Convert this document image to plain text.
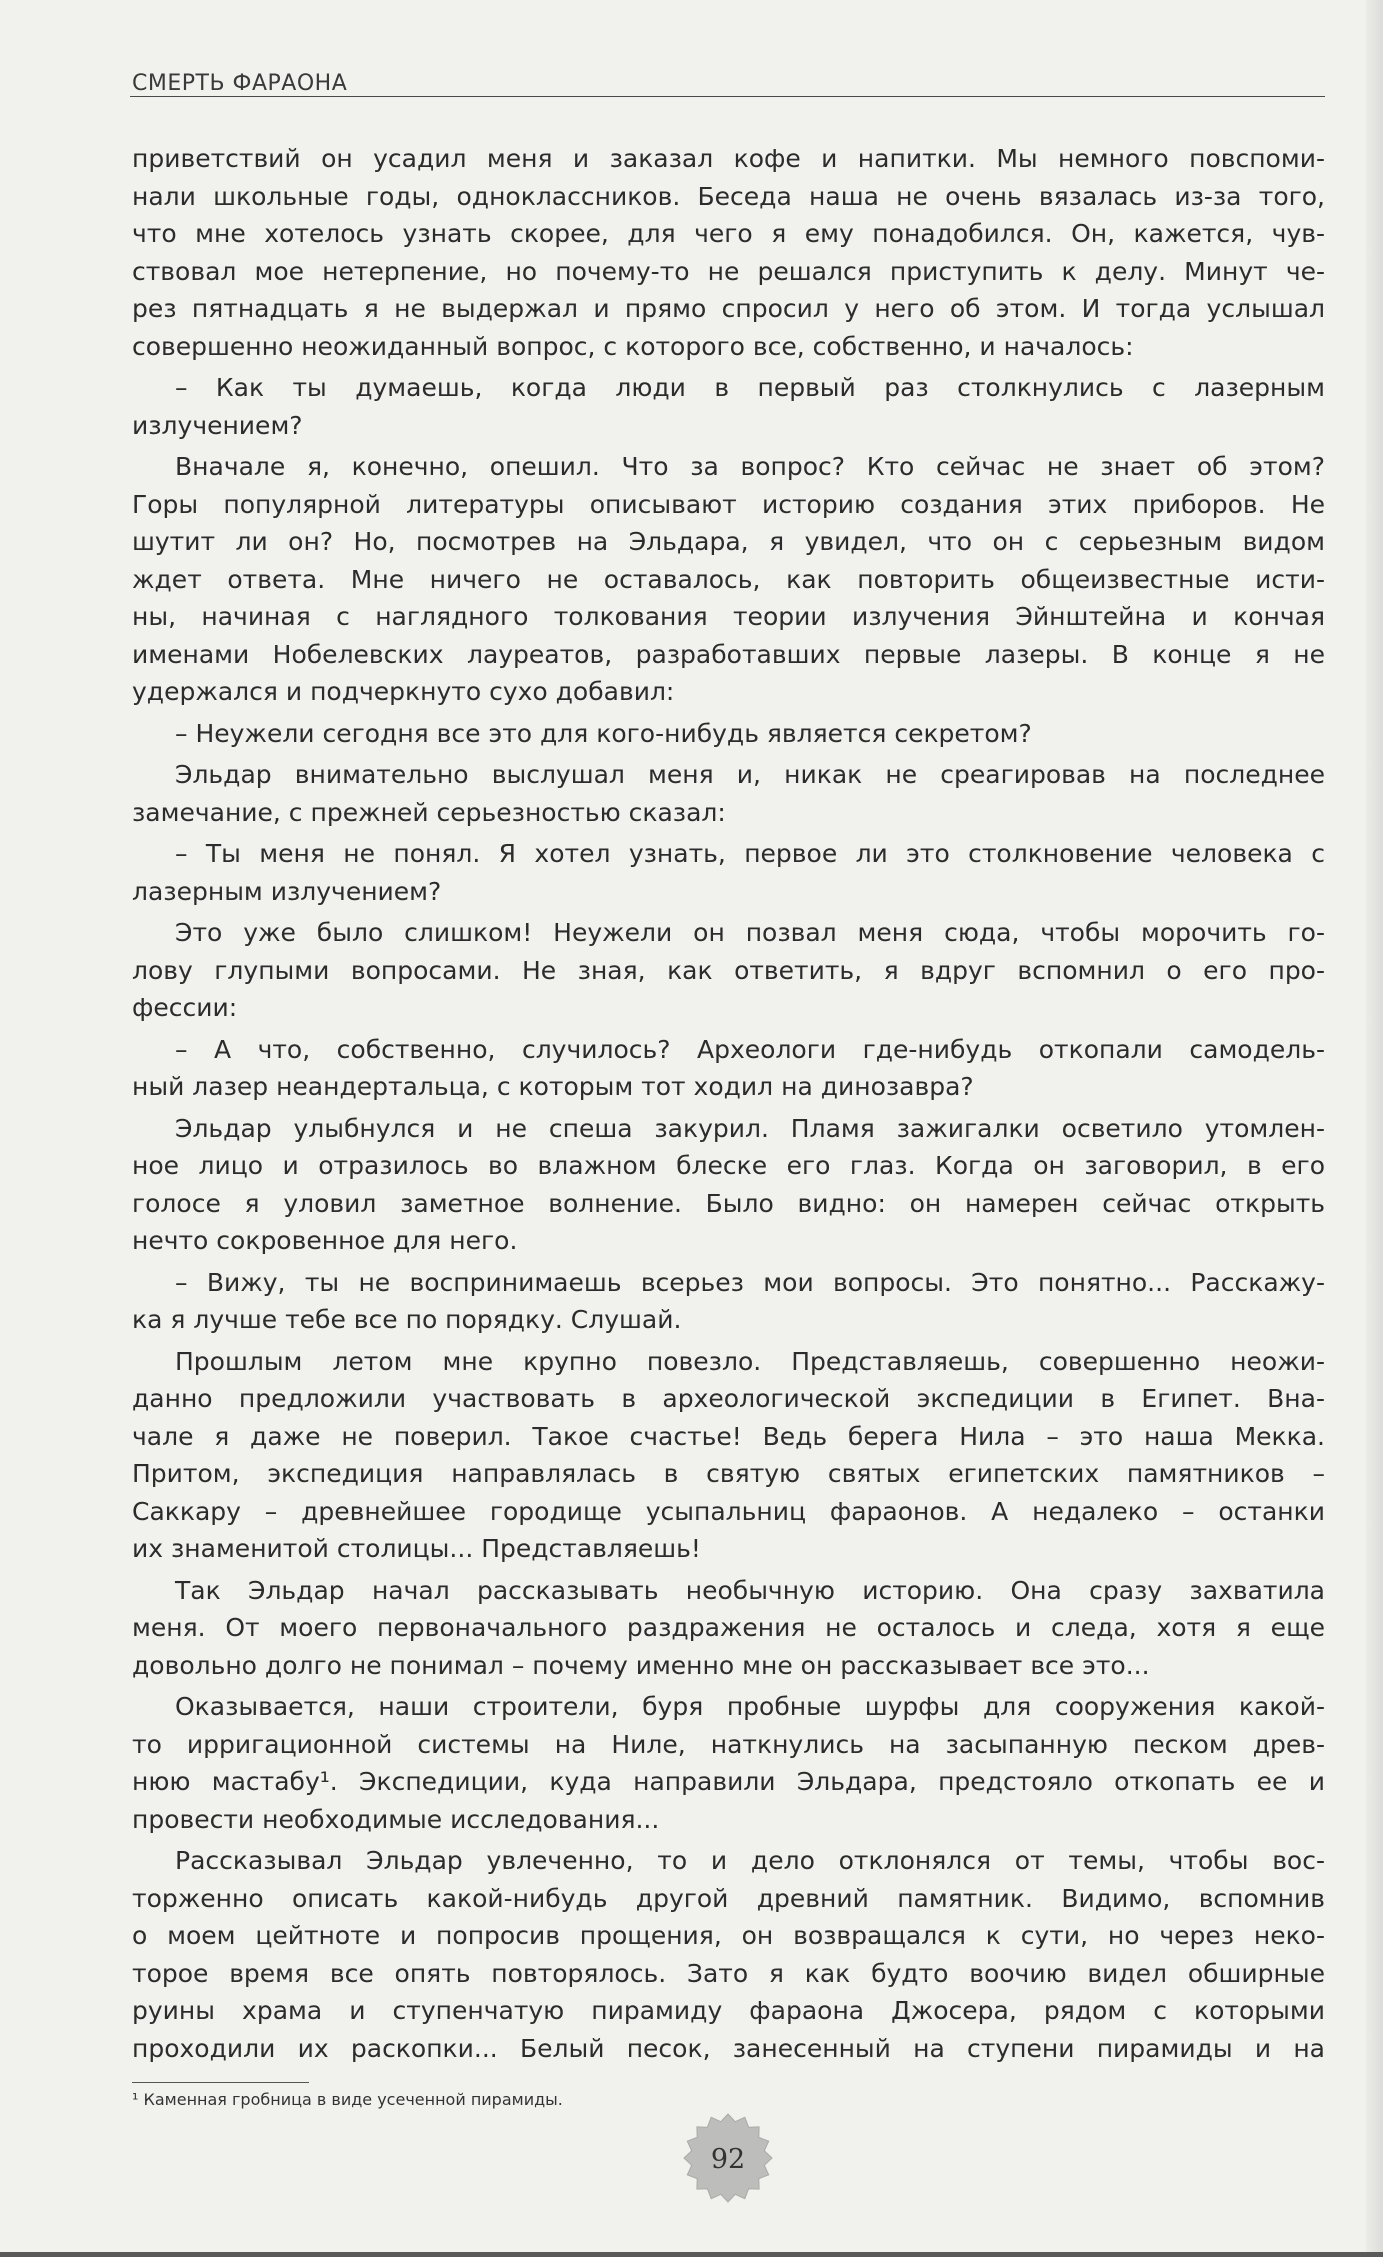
СМЕРТЬ ФАРАОНА
приветствий он усадил меня и заказал кофе и напитки. Мы немного повспоми-
нали школьные годы, одноклассников. Беседа наша не очень вязалась из-за того,
что мне хотелось узнать скорее, для чего я ему понадобился. Он, кажется, чув-
ствовал мое нетерпение, но почему-то не решался приступить к делу. Минут че-
рез пятнадцать я не выдержал и прямо спросил у него об этом. И тогда услышал
совершенно неожиданный вопрос, с которого все, собственно, и началось:
– Как ты думаешь, когда люди в первый раз столкнулись с лазерным
излучением?
Вначале я, конечно, опешил. Что за вопрос? Кто сейчас не знает об этом?
Горы популярной литературы описывают историю создания этих приборов. Не
шутит ли он? Но, посмотрев на Эльдара, я увидел, что он с серьезным видом
ждет ответа. Мне ничего не оставалось, как повторить общеизвестные исти-
ны, начиная с наглядного толкования теории излучения Эйнштейна и кончая
именами Нобелевских лауреатов, разработавших первые лазеры. В конце я не
удержался и подчеркнуто сухо добавил:
– Неужели сегодня все это для кого-нибудь является секретом?
Эльдар внимательно выслушал меня и, никак не среагировав на последнее
замечание, с прежней серьезностью сказал:
– Ты меня не понял. Я хотел узнать, первое ли это столкновение человека с
лазерным излучением?
Это уже было слишком! Неужели он позвал меня сюда, чтобы морочить го-
лову глупыми вопросами. Не зная, как ответить, я вдруг вспомнил о его про-
фессии:
– А что, собственно, случилось? Археологи где-нибудь откопали самодель-
ный лазер неандертальца, с которым тот ходил на динозавра?
Эльдар улыбнулся и не спеша закурил. Пламя зажигалки осветило утомлен-
ное лицо и отразилось во влажном блеске его глаз. Когда он заговорил, в его
голосе я уловил заметное волнение. Было видно: он намерен сейчас открыть
нечто сокровенное для него.
– Вижу, ты не воспринимаешь всерьез мои вопросы. Это понятно... Расскажу-
ка я лучше тебе все по порядку. Слушай.
Прошлым летом мне крупно повезло. Представляешь, совершенно неожи-
данно предложили участвовать в археологической экспедиции в Египет. Вна-
чале я даже не поверил. Такое счастье! Ведь берега Нила – это наша Мекка.
Притом, экспедиция направлялась в святую святых египетских памятников –
Саккару – древнейшее городище усыпальниц фараонов. А недалеко – останки
их знаменитой столицы... Представляешь!
Так Эльдар начал рассказывать необычную историю. Она сразу захватила
меня. От моего первоначального раздражения не осталось и следа, хотя я еще
довольно долго не понимал – почему именно мне он рассказывает все это...
Оказывается, наши строители, буря пробные шурфы для сооружения какой-
то ирригационной системы на Ниле, наткнулись на засыпанную песком древ-
нюю мастабу¹. Экспедиции, куда направили Эльдара, предстояло откопать ее и
провести необходимые исследования...
Рассказывал Эльдар увлеченно, то и дело отклонялся от темы, чтобы вос-
торженно описать какой-нибудь другой древний памятник. Видимо, вспомнив
о моем цейтноте и попросив прощения, он возвращался к сути, но через неко-
торое время все опять повторялось. Зато я как будто воочию видел обширные
руины храма и ступенчатую пирамиду фараона Джосера, рядом с которыми
проходили их раскопки... Белый песок, занесенный на ступени пирамиды и на
¹ Каменная гробница в виде усеченной пирамиды.
92
